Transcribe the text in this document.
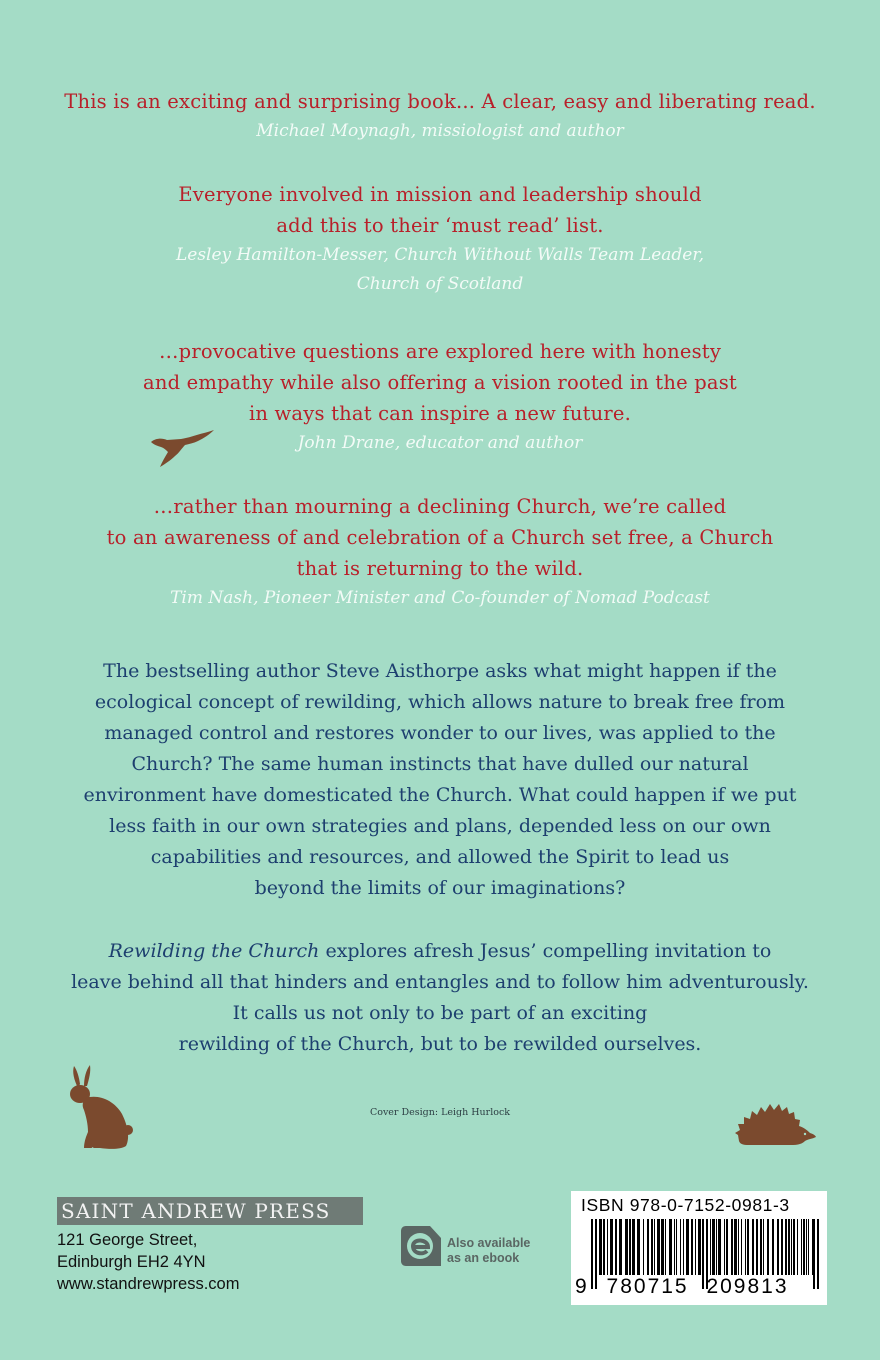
This is an exciting and surprising book... A clear, easy and liberating read.
Michael Moynagh, missiologist and author
Everyone involved in mission and leadership should
add this to their ‘must read’ list.
Lesley Hamilton-Messer, Church Without Walls Team Leader,
Church of Scotland
…provocative questions are explored here with honesty
and empathy while also offering a vision rooted in the past
in ways that can inspire a new future.
John Drane, educator and author
…rather than mourning a declining Church, we’re called
to an awareness of and celebration of a Church set free, a Church
that is returning to the wild.
Tim Nash, Pioneer Minister and Co-founder of Nomad Podcast
The bestselling author Steve Aisthorpe asks what might happen if the
ecological concept of rewilding, which allows nature to break free from
managed control and restores wonder to our lives, was applied to the
Church? The same human instincts that have dulled our natural
environment have domesticated the Church. What could happen if we put
less faith in our own strategies and plans, depended less on our own
capabilities and resources, and allowed the Spirit to lead us
beyond the limits of our imaginations?
Rewilding the Church explores afresh Jesus’ compelling invitation to
leave behind all that hinders and entangles and to follow him adventurously.
It calls us not only to be part of an exciting
rewilding of the Church, but to be rewilded ourselves.
Cover Design: Leigh Hurlock
SAINT ANDREW PRESS
121 George Street,
Edinburgh EH2 4YN
www.standrewpress.com
Also available
as an ebook
ISBN 978-0-7152-0981-3
9 780715 209813
